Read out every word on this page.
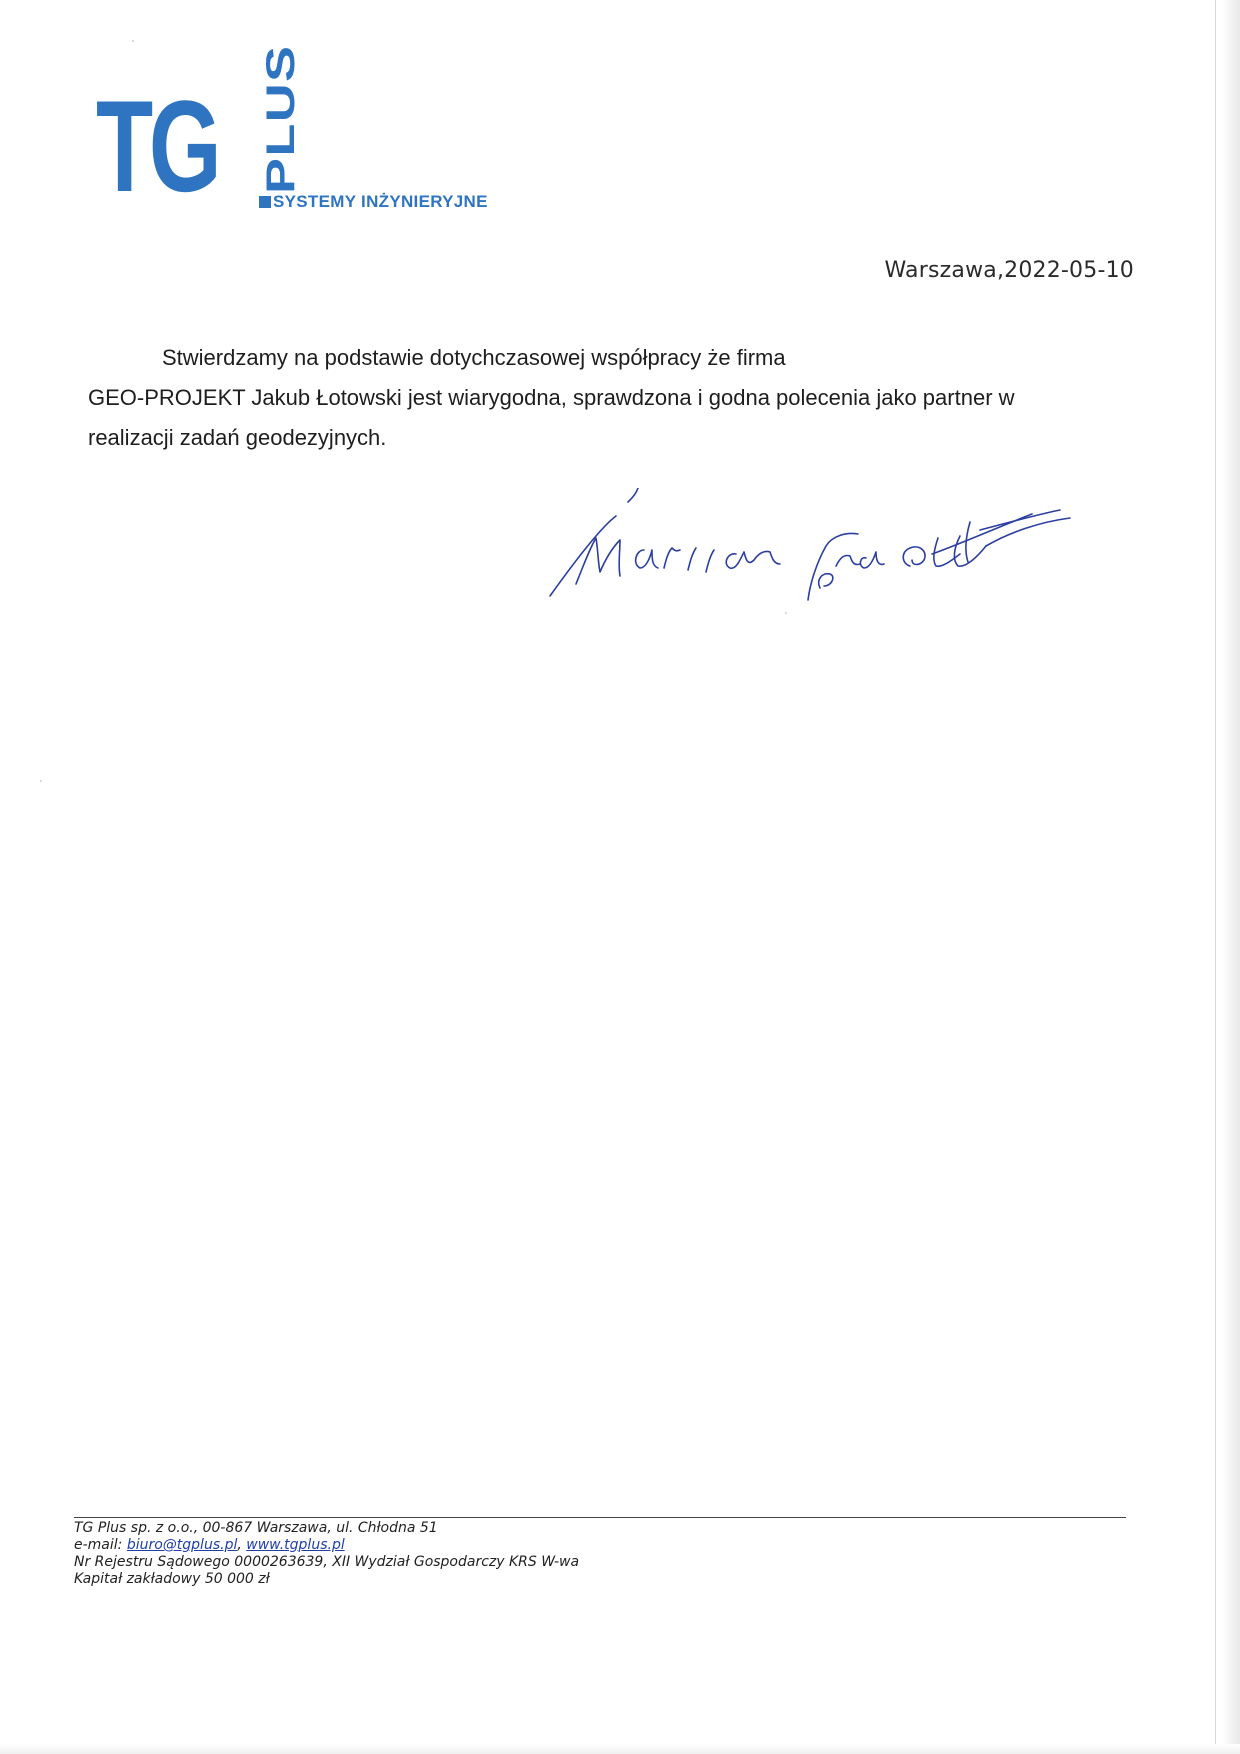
TG PLUS
SYSTEMY INŻYNIERYJNE
Warszawa,2022-05-10

Stwierdzamy na podstawie dotychczasowej współpracy że firma

GEO-PROJEKT Jakub Łotowski jest wiarygodna, sprawdzona i godna polecenia jako partner w

realizacji zadań geodezyjnych.

TG Plus sp. z o.o., 00-867 Warszawa, ul. Chłodna 51
e-mail: biuro@tgplus.pl, www.tgplus.pl
Nr Rejestru Sądowego 0000263639, XII Wydział Gospodarczy KRS W-wa
Kapitał zakładowy 50 000 zł
